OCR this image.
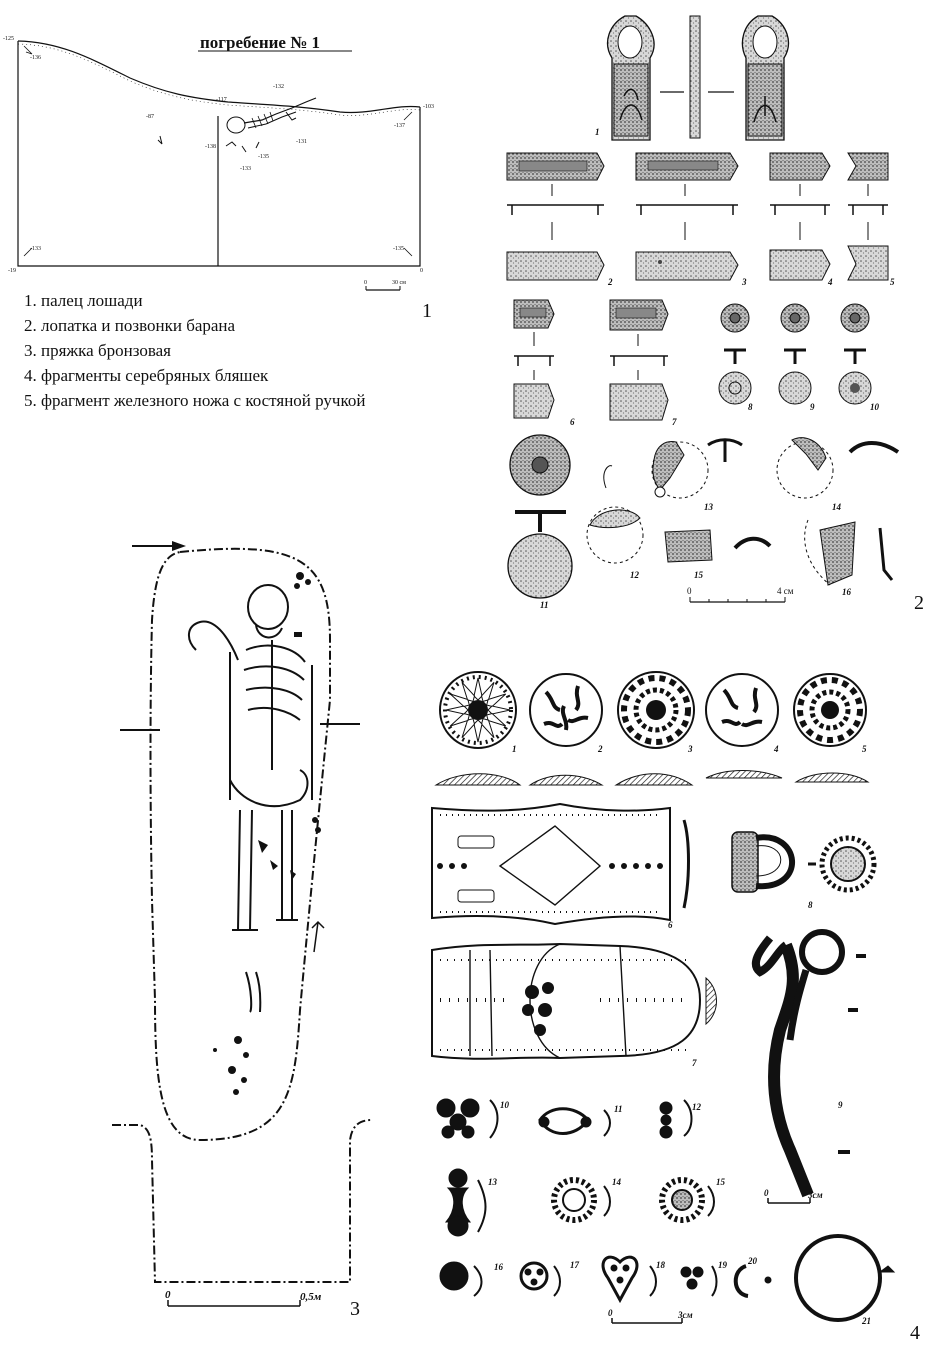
погребение № 1
-125
-103
-19	0
-136
-137
-117
-132
-87
-138
-133
-135
-131
-133	-135
0	30 см
1
2	3	4	5
6	7
8	9	10
11
12
13	14
15
16
0	4 см
0	0,5м
1	2	3	4	5
6
7
8
9
0	3см
10	11	12
13	14	15
16	17	18	19 20
21
0	3см
1. палец лошади
2. лопатка и позвонки барана
3. пряжка бронзовая
4. фрагменты серебряных бляшек
5. фрагмент железного ножа с костяной ручкой
1
2
3
4
